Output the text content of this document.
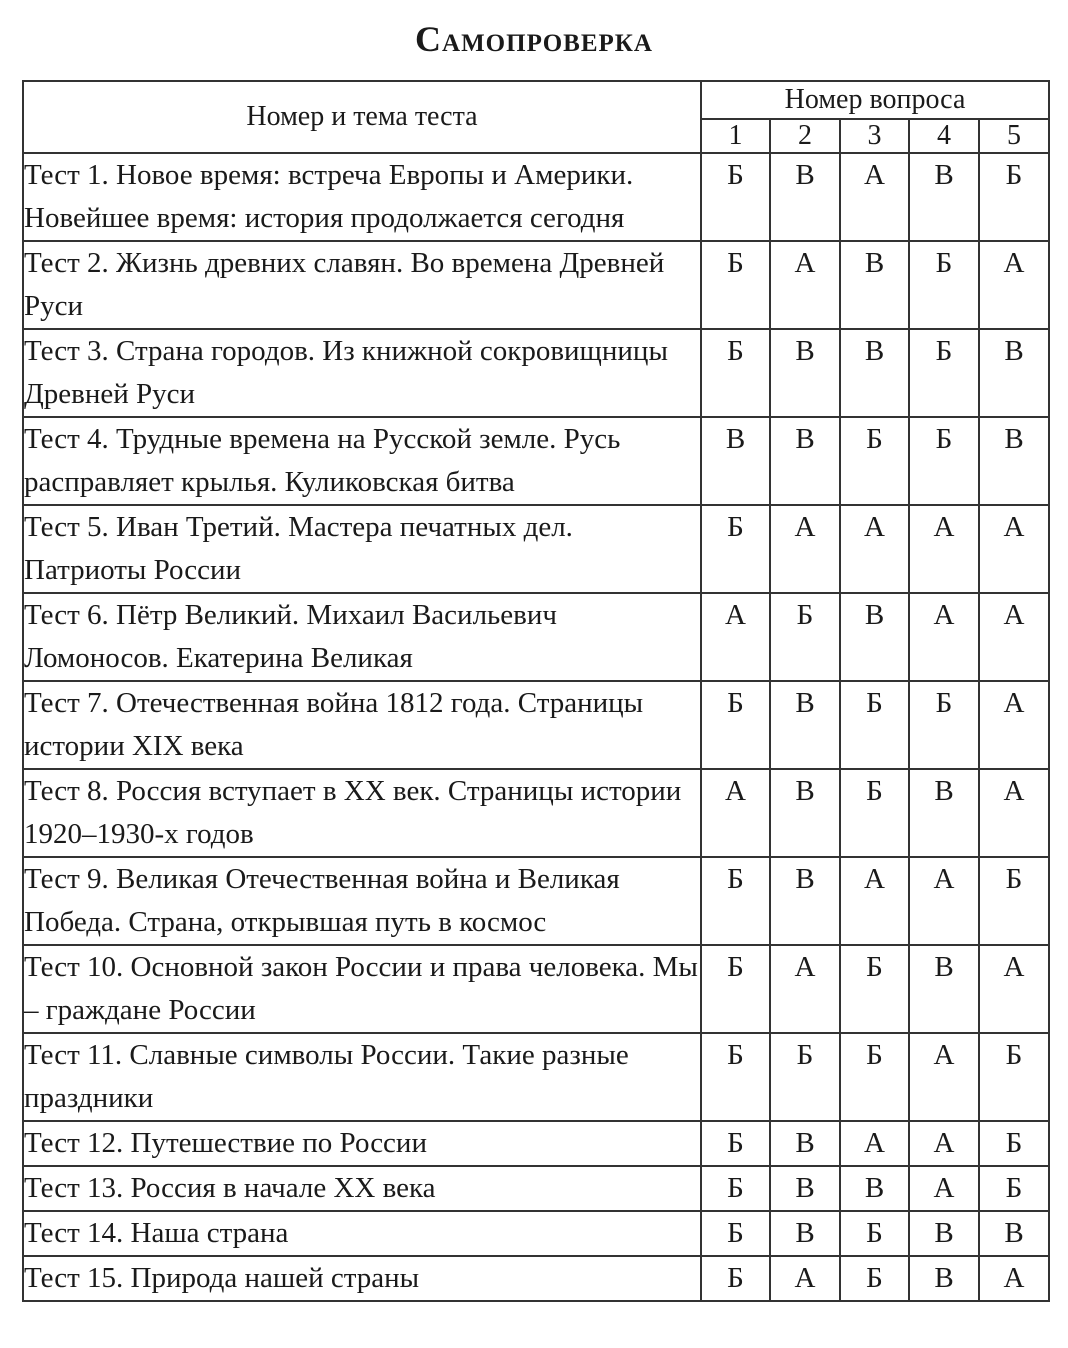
Самопроверка
Номер и тема теста	Номер вопроса				
	1	2	3	4	5
Тест 1. Новое время: встреча Европы и Америки. Новейшее время: история продолжается сегодня	Б	В	А	В	Б
Тест 2. Жизнь древних славян. Во времена Древней Руси	Б	А	В	Б	А
Тест 3. Страна городов. Из книжной сокровищницы Древней Руси	Б	В	В	Б	В
Тест 4. Трудные времена на Русской земле. Русь расправляет крылья. Куликовская битва	В	В	Б	Б	В
Тест 5. Иван Третий. Мастера печатных дел. Патриоты России	Б	А	А	А	А
Тест 6. Пётр Великий. Михаил Васильевич Ломоносов. Екатерина Великая	А	Б	В	А	А
Тест 7. Отечественная война 1812 года. Страницы истории XIX века	Б	В	Б	Б	А
Тест 8. Россия вступает в XX век. Страницы истории 1920–1930-х годов	А	В	Б	В	А
Тест 9. Великая Отечественная война и Великая Победа. Страна, открывшая путь в космос	Б	В	А	А	Б
Тест 10. Основной закон России и права человека. Мы – граждане России	Б	А	Б	В	А
Тест 11. Славные символы России. Такие разные праздники	Б	Б	Б	А	Б
Тест 12. Путешествие по России	Б	В	А	А	Б
Тест 13. Россия в начале XX века	Б	В	В	А	Б
Тест 14. Наша страна	Б	В	Б	В	В
Тест 15. Природа нашей страны	Б	А	Б	В	А
